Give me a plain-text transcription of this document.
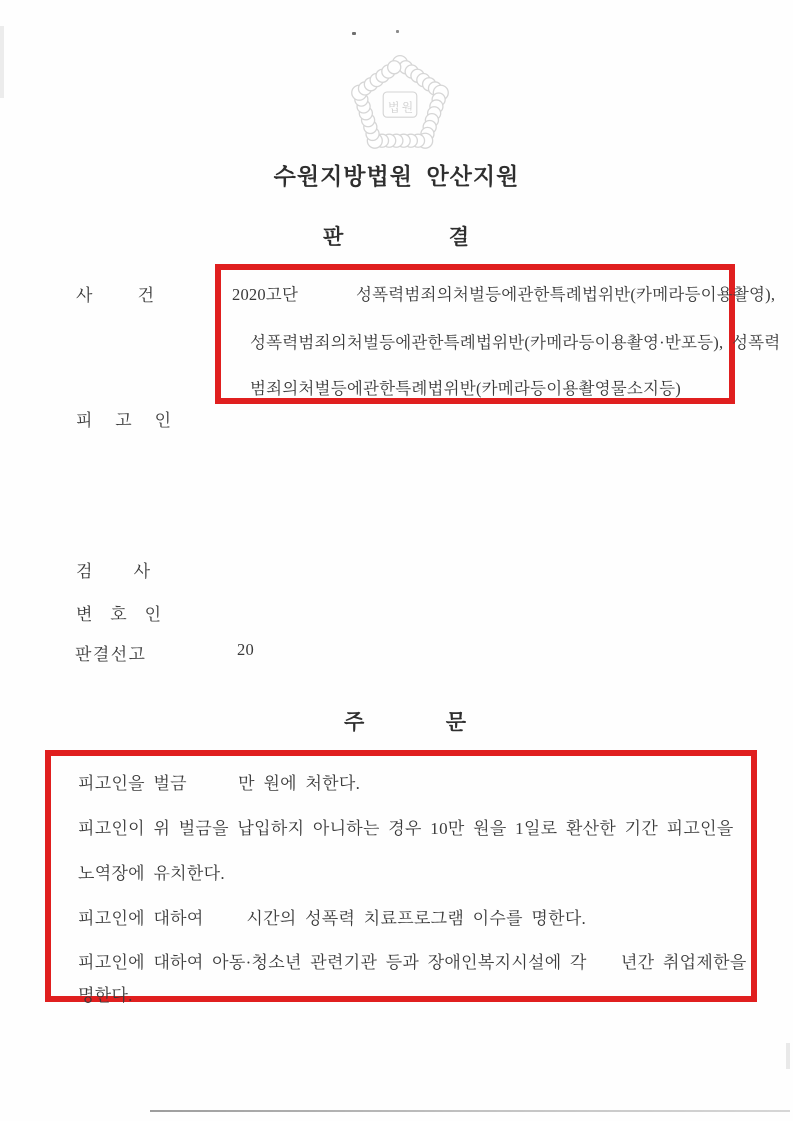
법원
수원지방법원  안산지원
판	결
사	건	2020고단	성폭력범죄의처벌등에관한특례법위반(카메라등이용촬영),
성폭력범죄의처벌등에관한특례법위반(카메라등이용촬영·반포등),  성폭력
범죄의처벌등에관한특례법위반(카메라등이용촬영물소지등)
피 고 인
검 사
변 호 인
판 결 선 고	20
주	문
피고인을 벌금      만 원에 처한다.
피고인이 위 벌금을 납입하지 아니하는 경우 10만 원을 1일로 환산한 기간 피고인을
노역장에 유치한다.
피고인에 대하여     시간의 성폭력 치료프로그램 이수를 명한다.
피고인에 대하여 아동·청소년 관련기관 등과 장애인복지시설에 각    년간 취업제한을
명한다.
